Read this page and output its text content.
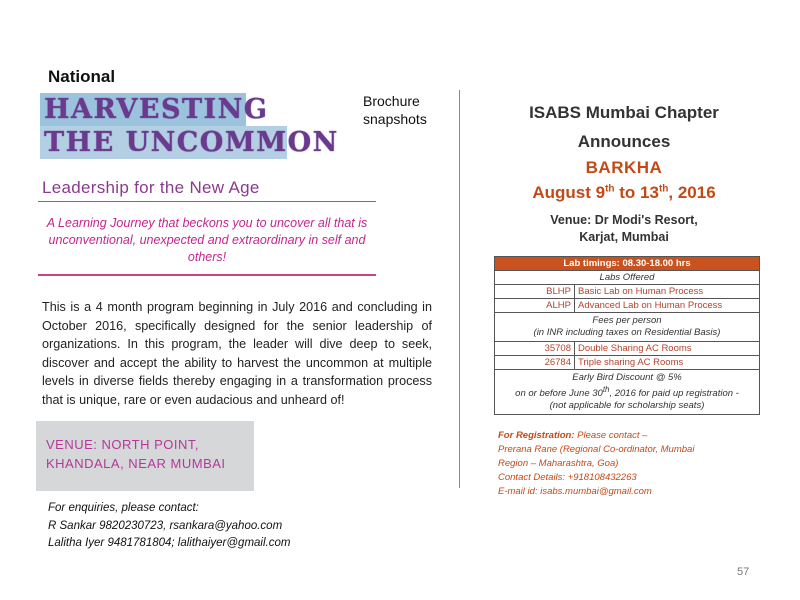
National
Brochure snapshots
HARVESTING
THE UNCOMMON
Leadership for the New Age
A Learning Journey that beckons you to uncover all that is unconventional, unexpected and extraordinary in self and others!
This is a 4 month program beginning in July 2016 and concluding in October 2016, specifically designed for the senior leadership of organizations. In this program, the leader will dive deep to seek, discover and accept the ability to harvest the uncommon at multiple levels in diverse fields thereby engaging in a transformation process that is unique, rare or even audacious and unheard of!
VENUE: NORTH POINT,
KHANDALA, NEAR MUMBAI
For enquiries, please contact:
R Sankar 9820230723, rsankara@yahoo.com
Lalitha Iyer 9481781804; lalithaiyer@gmail.com
ISABS Mumbai Chapter
Announces
BARKHA
August 9th to 13th, 2016
Venue: Dr Modi's Resort,
Karjat, Mumbai
Lab timings: 08.30-18.00 hrs	
Labs Offered	
BLHP	Basic Lab on Human Process
ALHP	Advanced Lab on Human Process

Fees per person
(in INR including taxes on Residential Basis)	

35708	Double Sharing AC Rooms
26784	Triple sharing AC Rooms

Early Bird Discount @ 5%
on or before June 30th, 2016 for paid up registration -
(not applicable for scholarship seats)	
For Registration: Please contact –
Prerana Rane (Regional Co-ordinator, Mumbai
Region – Maharashtra, Goa)
Contact Details: +918108432263
E-mail id: isabs.mumbai@gmail.com
57
